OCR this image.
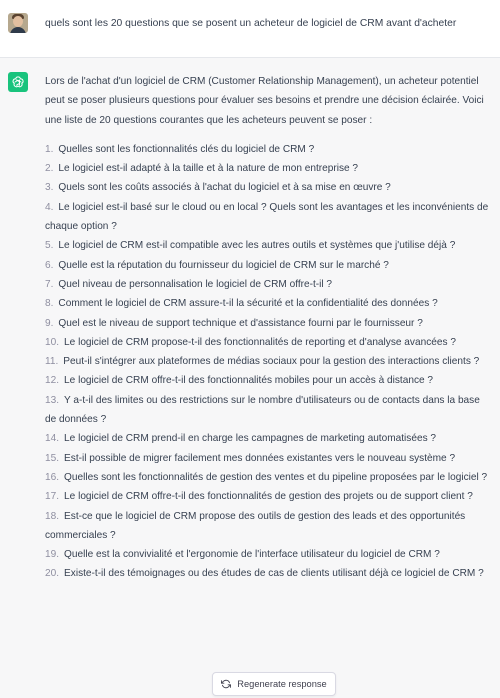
quels sont les 20 questions que se posent un acheteur de logiciel de CRM avant d'acheter

Lors de l'achat d'un logiciel de CRM (Customer Relationship Management), un acheteur potentiel peut se poser plusieurs questions pour évaluer ses besoins et prendre une décision éclairée. Voici une liste de 20 questions courantes que les acheteurs peuvent se poser :

1. Quelles sont les fonctionnalités clés du logiciel de CRM ?
2. Le logiciel est-il adapté à la taille et à la nature de mon entreprise ?
3. Quels sont les coûts associés à l'achat du logiciel et à sa mise en œuvre ?
4. Le logiciel est-il basé sur le cloud ou en local ? Quels sont les avantages et les inconvénients de chaque option ?
5. Le logiciel de CRM est-il compatible avec les autres outils et systèmes que j'utilise déjà ?
6. Quelle est la réputation du fournisseur du logiciel de CRM sur le marché ?
7. Quel niveau de personnalisation le logiciel de CRM offre-t-il ?
8. Comment le logiciel de CRM assure-t-il la sécurité et la confidentialité des données ?
9. Quel est le niveau de support technique et d'assistance fourni par le fournisseur ?
10. Le logiciel de CRM propose-t-il des fonctionnalités de reporting et d'analyse avancées ?
11. Peut-il s'intégrer aux plateformes de médias sociaux pour la gestion des interactions clients ?
12. Le logiciel de CRM offre-t-il des fonctionnalités mobiles pour un accès à distance ?
13. Y a-t-il des limites ou des restrictions sur le nombre d'utilisateurs ou de contacts dans la base de données ?
14. Le logiciel de CRM prend-il en charge les campagnes de marketing automatisées ?
15. Est-il possible de migrer facilement mes données existantes vers le nouveau système ?
16. Quelles sont les fonctionnalités de gestion des ventes et du pipeline proposées par le logiciel ?
17. Le logiciel de CRM offre-t-il des fonctionnalités de gestion des projets ou de support client ?
18. Est-ce que le logiciel de CRM propose des outils de gestion des leads et des opportunités commerciales ?
19. Quelle est la convivialité et l'ergonomie de l'interface utilisateur du logiciel de CRM ?
20. Existe-t-il des témoignages ou des études de cas de clients utilisant déjà ce logiciel de CRM ?
Regenerate response
